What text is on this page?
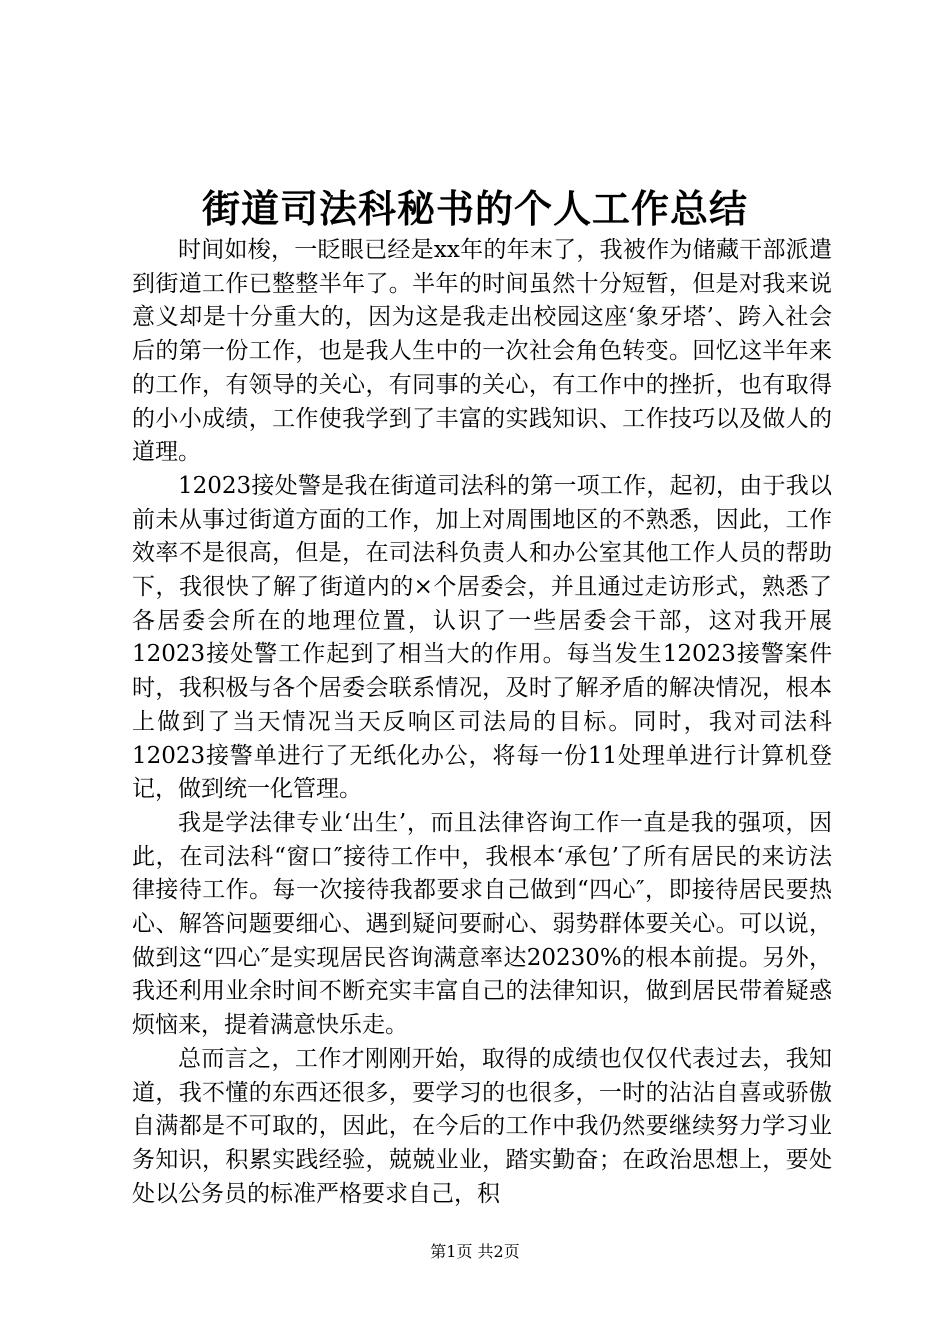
街道司法科秘书的个人工作总结

时间如梭，一眨眼已经是xx年的年末了，我被作为储藏干部派遣到街道工作已整整半年了。半年的时间虽然十分短暂，但是对我来说意义却是十分重大的，因为这是我走出校园这座‘象牙塔’、跨入社会后的第一份工作，也是我人生中的一次社会角色转变。回忆这半年来的工作，有领导的关心，有同事的关心，有工作中的挫折，也有取得的小小成绩，工作使我学到了丰富的实践知识、工作技巧以及做人的道理。

12023接处警是我在街道司法科的第一项工作，起初，由于我以前未从事过街道方面的工作，加上对周围地区的不熟悉，因此，工作效率不是很高，但是，在司法科负责人和办公室其他工作人员的帮助下，我很快了解了街道内的×个居委会，并且通过走访形式，熟悉了各居委会所在的地理位置，认识了一些居委会干部，这对我开展12023接处警工作起到了相当大的作用。每当发生12023接警案件时，我积极与各个居委会联系情况，及时了解矛盾的解决情况，根本上做到了当天情况当天反响区司法局的目标。同时，我对司法科12023接警单进行了无纸化办公，将每一份11处理单进行计算机登记，做到统一化管理。

我是学法律专业‘出生’，而且法律咨询工作一直是我的强项，因此，在司法科“窗口″接待工作中，我根本‘承包’了所有居民的来访法律接待工作。每一次接待我都要求自己做到“四心″，即接待居民要热心、解答问题要细心、遇到疑问要耐心、弱势群体要关心。可以说，做到这“四心″是实现居民咨询满意率达20230%的根本前提。另外，我还利用业余时间不断充实丰富自己的法律知识，做到居民带着疑惑烦恼来，提着满意快乐走。

总而言之，工作才刚刚开始，取得的成绩也仅仅代表过去，我知道，我不懂的东西还很多，要学习的也很多，一时的沾沾自喜或骄傲自满都是不可取的，因此，在今后的工作中我仍然要继续努力学习业务知识，积累实践经验，兢兢业业，踏实勤奋；在政治思想上，要处处以公务员的标准严格要求自己，积

第1页 共2页
